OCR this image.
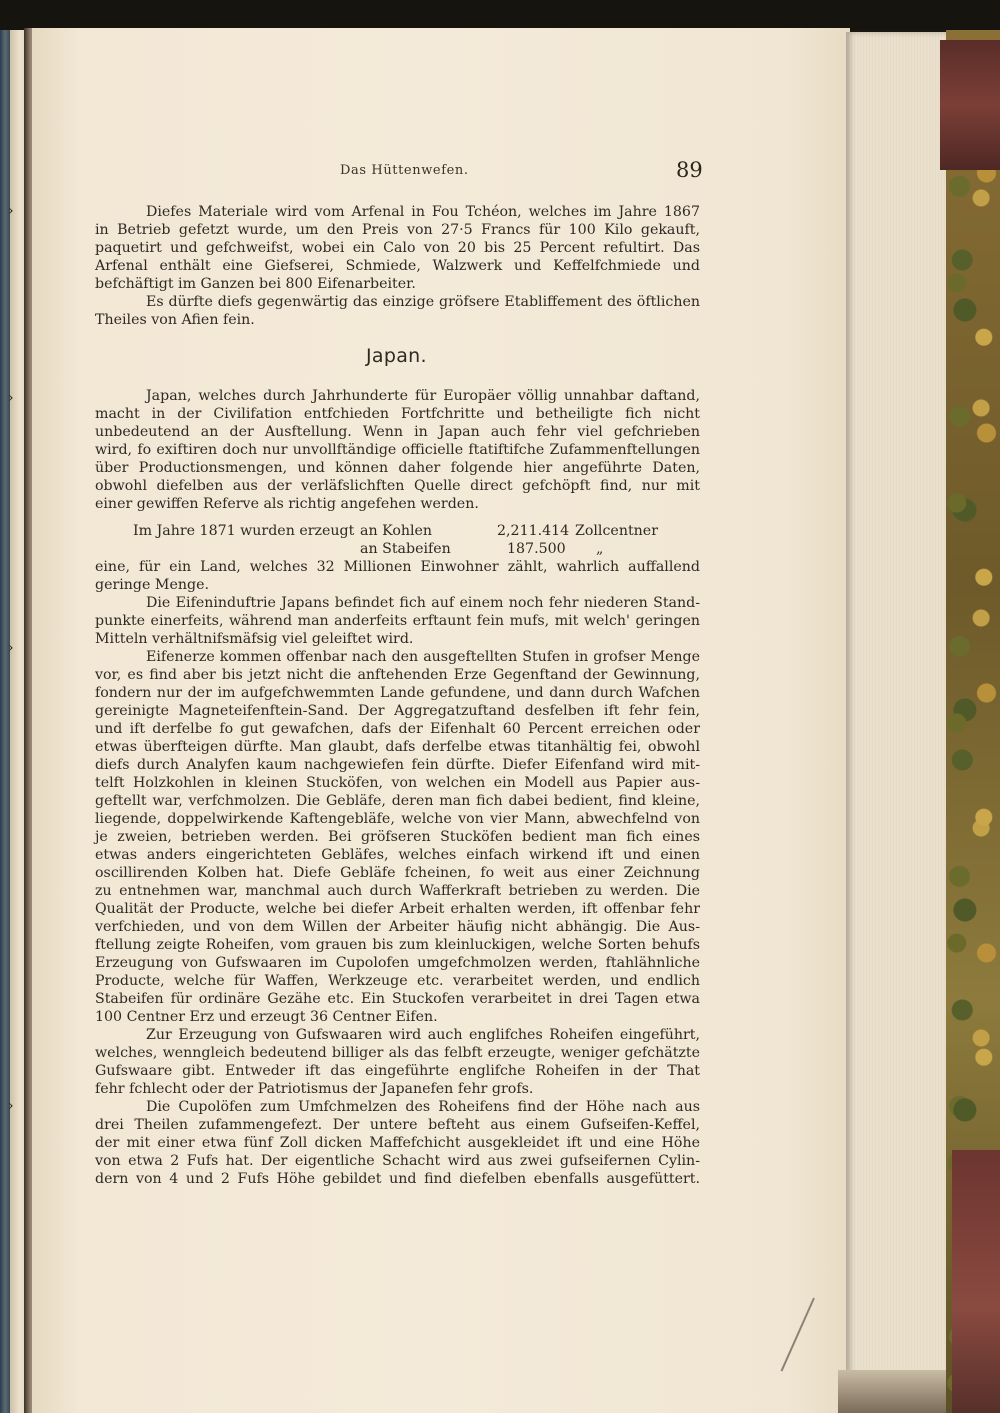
›
›
›
›
Das Hüttenwefen.	89
Diefes Materiale wird vom Arfenal in Fou Tchéon, welches im Jahre 1867
in Betrieb gefetzt wurde, um den Preis von 27·5 Francs für 100 Kilo gekauft,
paquetirt und gefchweifst, wobei ein Calo von 20 bis 25 Percent refultirt. Das
Arfenal enthält eine Giefserei, Schmiede, Walzwerk und Keffelfchmiede und
befchäftigt im Ganzen bei 800 Eifenarbeiter.
Es dürfte diefs gegenwärtig das einzige gröfsere Etabliffement des öftlichen
Theiles von Afien fein.
Japan.
Japan, welches durch Jahrhunderte für Europäer völlig unnahbar daftand,
macht in der Civilifation entfchieden Fortfchritte und betheiligte fich nicht
unbedeutend an der Ausftellung. Wenn in Japan auch fehr viel gefchrieben
wird, fo exiftiren doch nur unvollftändige officielle ftatiftifche Zufammenftellungen
über Productionsmengen, und können daher folgende hier angeführte Daten,
obwohl diefelben aus der verläfslichften Quelle direct gefchöpft find, nur mit
einer gewiffen Referve als richtig angefehen werden.
Im Jahre 1871 wurden erzeugt an Kohlen	2,211.414 Zollcentner
an Stabeifen	187.500 „
eine, für ein Land, welches 32 Millionen Einwohner zählt, wahrlich auffallend
geringe Menge.
Die Eifeninduftrie Japans befindet fich auf einem noch fehr niederen Stand-
punkte einerfeits, während man anderfeits erftaunt fein mufs, mit welch' geringen
Mitteln verhältnifsmäfsig viel geleiftet wird.
Eifenerze kommen offenbar nach den ausgeftellten Stufen in grofser Menge
vor, es find aber bis jetzt nicht die anftehenden Erze Gegenftand der Gewinnung,
fondern nur der im aufgefchwemmten Lande gefundene, und dann durch Wafchen
gereinigte Magneteifenftein-Sand. Der Aggregatzuftand desfelben ift fehr fein,
und ift derfelbe fo gut gewafchen, dafs der Eifenhalt 60 Percent erreichen oder
etwas überfteigen dürfte. Man glaubt, dafs derfelbe etwas titanhältig fei, obwohl
diefs durch Analyfen kaum nachgewiefen fein dürfte. Diefer Eifenfand wird mit-
telft Holzkohlen in kleinen Stucköfen, von welchen ein Modell aus Papier aus-
geftellt war, verfchmolzen. Die Gebläfe, deren man fich dabei bedient, find kleine,
liegende, doppelwirkende Kaftengebläfe, welche von vier Mann, abwechfelnd von
je zweien, betrieben werden. Bei gröfseren Stucköfen bedient man fich eines
etwas anders eingerichteten Gebläfes, welches einfach wirkend ift und einen
oscillirenden Kolben hat. Diefe Gebläfe fcheinen, fo weit aus einer Zeichnung
zu entnehmen war, manchmal auch durch Wafferkraft betrieben zu werden. Die
Qualität der Producte, welche bei diefer Arbeit erhalten werden, ift offenbar fehr
verfchieden, und von dem Willen der Arbeiter häufig nicht abhängig. Die Aus-
ftellung zeigte Roheifen, vom grauen bis zum kleinluckigen, welche Sorten behufs
Erzeugung von Gufswaaren im Cupolofen umgefchmolzen werden, ftahlähnliche
Producte, welche für Waffen, Werkzeuge etc. verarbeitet werden, und endlich
Stabeifen für ordinäre Gezähe etc. Ein Stuckofen verarbeitet in drei Tagen etwa
100 Centner Erz und erzeugt 36 Centner Eifen.
Zur Erzeugung von Gufswaaren wird auch englifches Roheifen eingeführt,
welches, wenngleich bedeutend billiger als das felbft erzeugte, weniger gefchätzte
Gufswaare gibt. Entweder ift das eingeführte englifche Roheifen in der That
fehr fchlecht oder der Patriotismus der Japanefen fehr grofs.
Die Cupolöfen zum Umfchmelzen des Roheifens find der Höhe nach aus
drei Theilen zufammengefezt. Der untere befteht aus einem Gufseifen-Keffel,
der mit einer etwa fünf Zoll dicken Maffefchicht ausgekleidet ift und eine Höhe
von etwa 2 Fufs hat. Der eigentliche Schacht wird aus zwei gufseifernen Cylin-
dern von 4 und 2 Fufs Höhe gebildet und find diefelben ebenfalls ausgefüttert.
